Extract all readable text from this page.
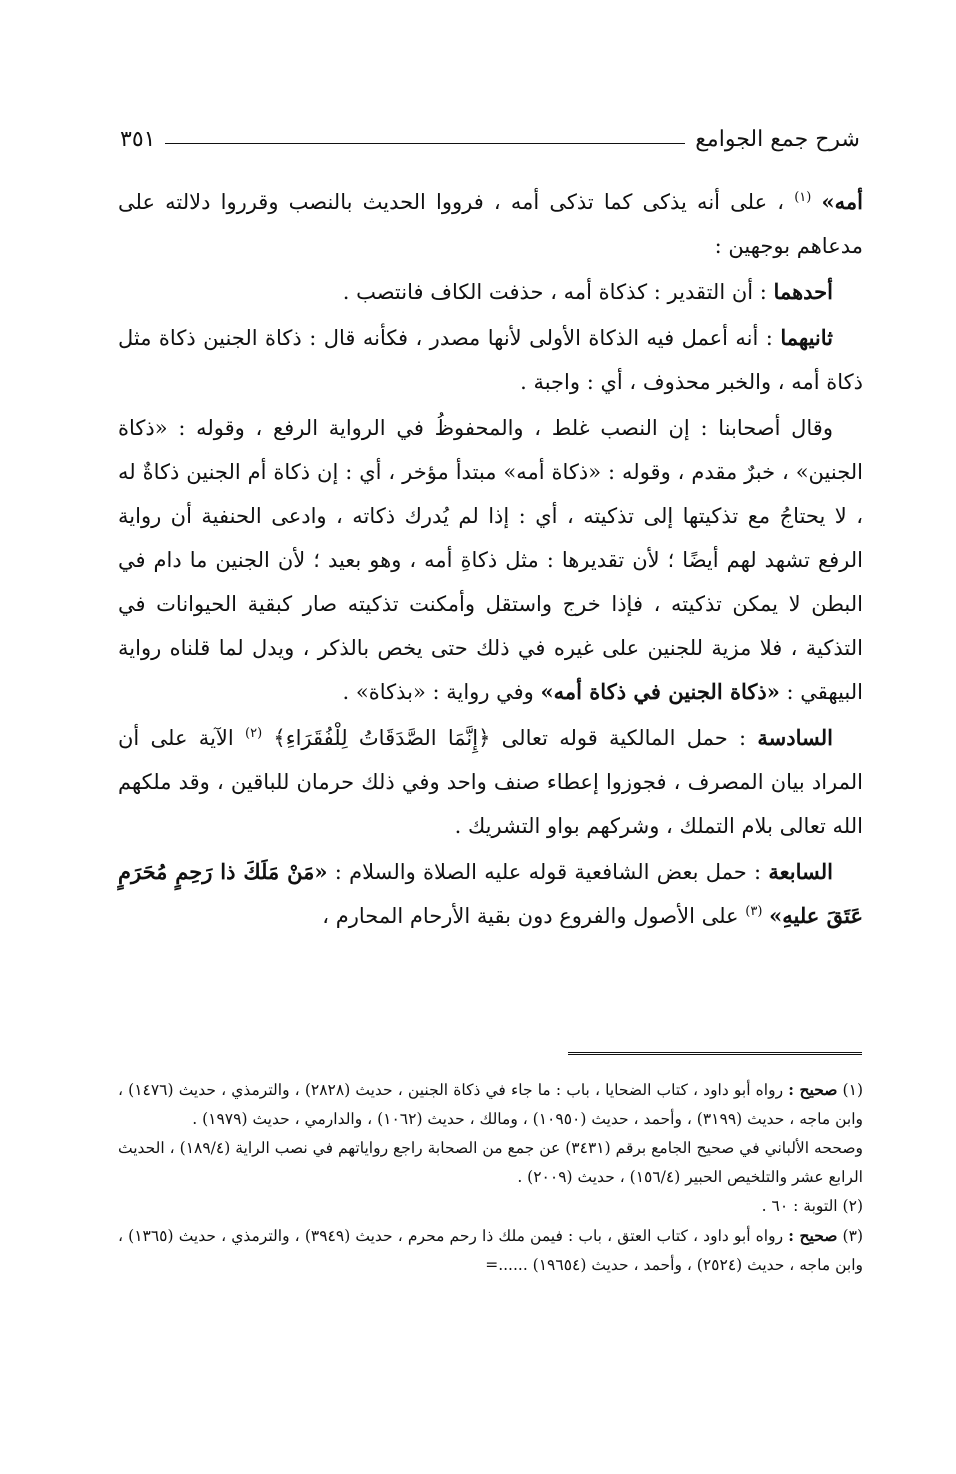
شرح جمع الجوامع
٣٥١

أمه» $^{(١)}$ ، على أنه يذكى كما تذكى أمه ، فرووا الحديث بالنصب وقرروا دلالته على مدعاهم بوجهين :

أحدهما : أن التقدير : كذكاة أمه ، حذفت الكاف فانتصب .

ثانيهما : أنه أعمل فيه الذكاة الأولى لأنها مصدر ، فكأنه قال : ذكاة الجنين ذكاة مثل ذكاة أمه ، والخبر محذوف ، أي : واجبة .

وقال أصحابنا : إن النصب غلط ، والمحفوظُ في الرواية الرفع ، وقوله : «ذكاة الجنين» ، خبرٌ مقدم ، وقوله : «ذكاة أمه» مبتدأ مؤخر ، أي : إن ذكاة أم الجنين ذكاةٌ له ، لا يحتاجُ مع تذكيتها إلى تذكيته ، أي : إذا لم يُدرك ذكاته ، وادعى الحنفية أن رواية الرفع تشهد لهم أيضًا ؛ لأن تقديرها : مثل ذكاةِ أمه ، وهو بعيد ؛ لأن الجنين ما دام في البطن لا يمكن تذكيته ، فإذا خرج واستقل وأمكنت تذكيته صار كبقية الحيوانات في التذكية ، فلا مزية للجنين على غيره في ذلك حتى يخص بالذكر ، ويدل لما قلناه رواية البيهقي : «ذكاة الجنين في ذكاة أمه» وفي رواية : «بذكاة» .

السادسة : حمل المالكية قوله تعالى ﴿إِنَّمَا الصَّدَقَاتُ لِلْفُقَرَاءِ﴾ $^{(٢)}$ الآية على أن المراد بيان المصرف ، فجوزوا إعطاء صنف واحد وفي ذلك حرمان للباقين ، وقد ملكهم الله تعالى بلام التملك ، وشركهم بواو التشريك .

السابعة : حمل بعض الشافعية قوله عليه الصلاة والسلام : «مَنْ مَلَكَ ذا رَحِمٍ مُحَرَمٍ عَتَقَ عليهِ» $^{(٣)}$ على الأصول والفروع دون بقية الأرحام المحارم ،

(١) صحيح : رواه أبو داود ، كتاب الضحايا ، باب : ما جاء في ذكاة الجنين ، حديث (٢٨٢٨) ، والترمذي ، حديث (١٤٧٦) ، وابن ماجه ، حديث (٣١٩٩) ، وأحمد ، حديث (١٠٩٥٠) ، ومالك ، حديث (١٠٦٢) ، والدارمي ، حديث (١٩٧٩) .

وصححه الألباني في صحيح الجامع برقم (٣٤٣١) عن جمع من الصحابة راجع رواياتهم في نصب الراية (١٨٩/٤) ، الحديث الرابع عشر والتلخيص الحبير (١٥٦/٤) ، حديث (٢٠٠٩) .

(٢) التوبة : ٦٠ .

(٣) صحيح : رواه أبو داود ، كتاب العتق ، باب : فيمن ملك ذا رحم محرم ، حديث (٣٩٤٩) ، والترمذي ، حديث (١٣٦٥) ، وابن ماجه ، حديث (٢٥٢٤) ، وأحمد ، حديث (١٩٦٥٤) ......=
